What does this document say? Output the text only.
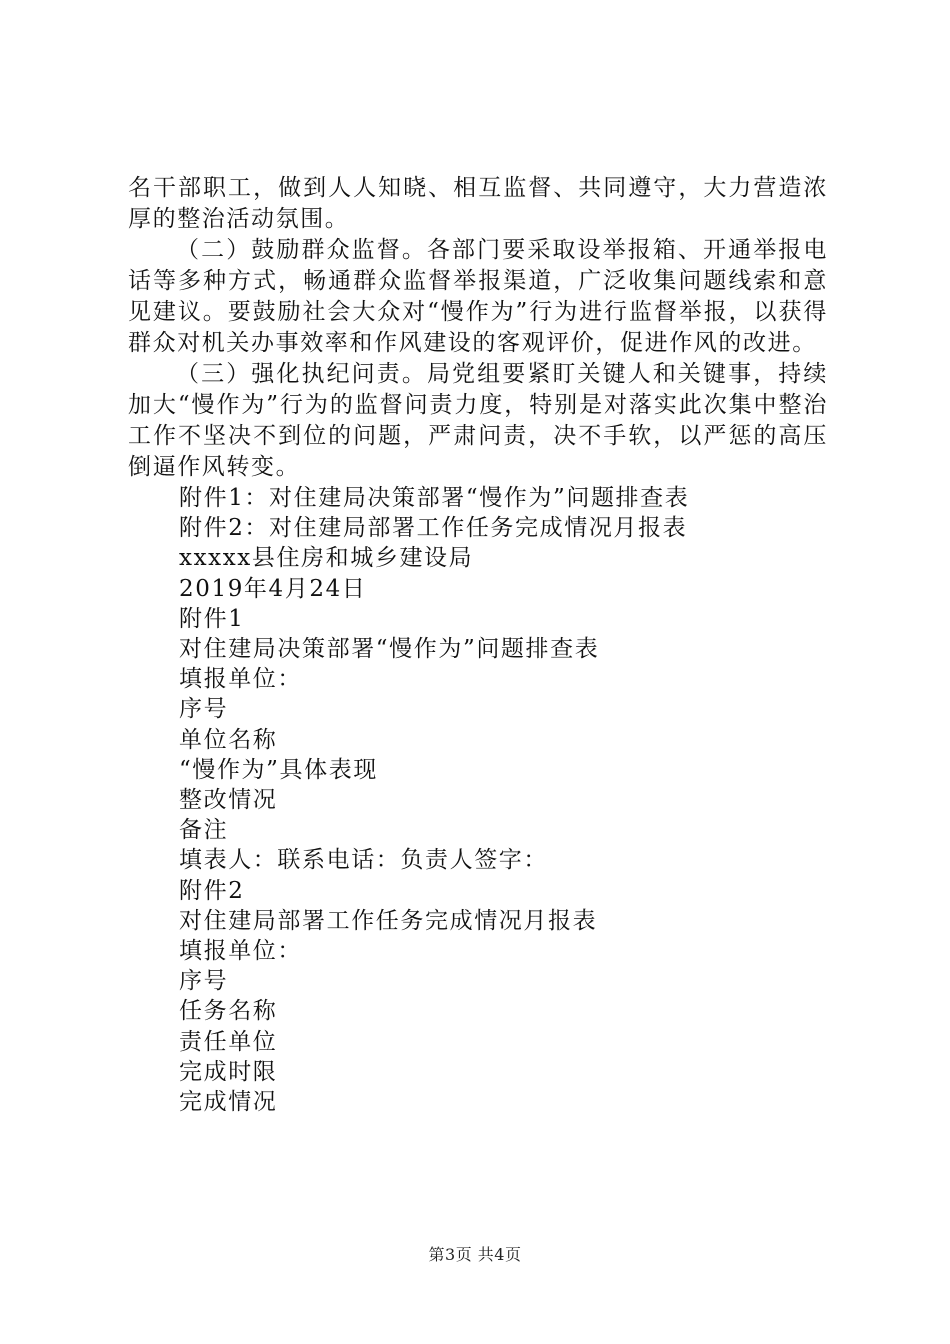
名干部职工，做到人人知晓、相互监督、共同遵守，大力营造浓厚的整治活动氛围。

（二）鼓励群众监督。各部门要采取设举报箱、开通举报电话等多种方式，畅通群众监督举报渠道，广泛收集问题线索和意见建议。要鼓励社会大众对“慢作为”行为进行监督举报，以获得群众对机关办事效率和作风建设的客观评价，促进作风的改进。

（三）强化执纪问责。局党组要紧盯关键人和关键事，持续加大“慢作为”行为的监督问责力度，特别是对落实此次集中整治工作不坚决不到位的问题，严肃问责，决不手软，以严惩的高压倒逼作风转变。

附件1：对住建局决策部署“慢作为”问题排查表

附件2：对住建局部署工作任务完成情况月报表

xxxxx县住房和城乡建设局

2019年4月24日

附件1

对住建局决策部署“慢作为”问题排查表

填报单位：

序号

单位名称

“慢作为”具体表现

整改情况

备注

填表人：联系电话：负责人签字：

附件2

对住建局部署工作任务完成情况月报表

填报单位：

序号

任务名称

责任单位

完成时限

完成情况

第3页 共4页
